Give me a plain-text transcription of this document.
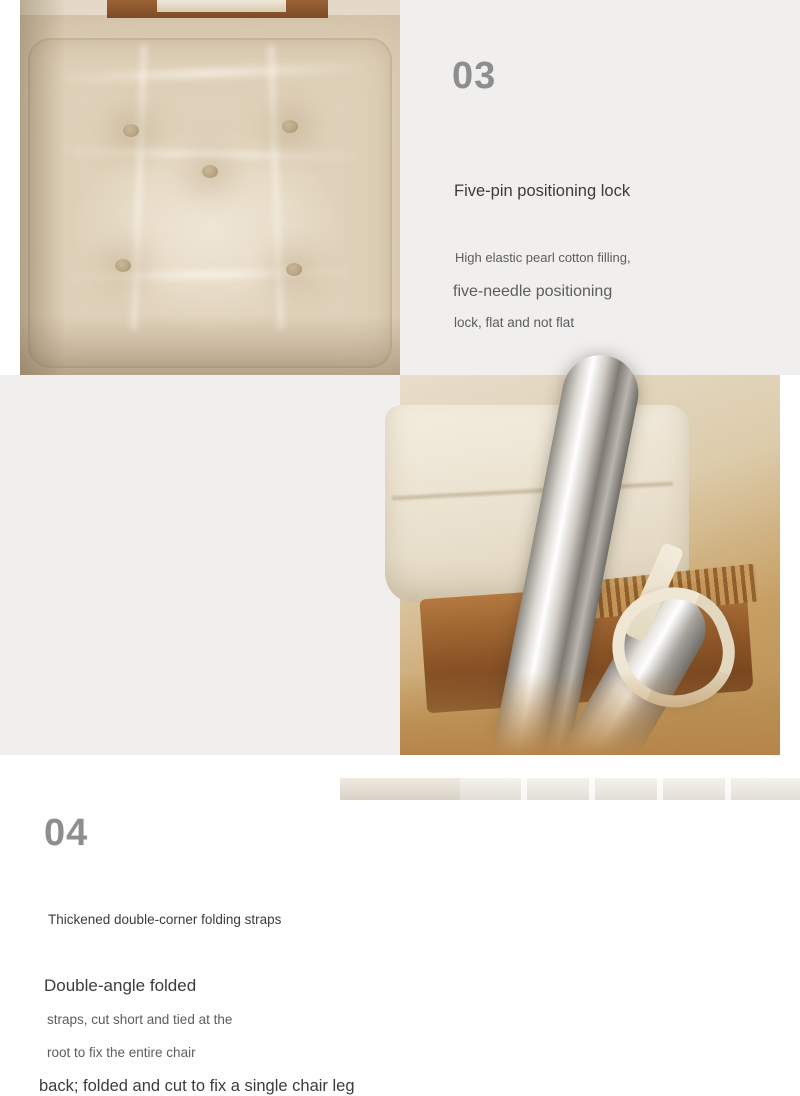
03
Five-pin positioning lock
High elastic pearl cotton filling,
five-needle positioning
lock, flat and not flat
04
Thickened double-corner folding straps
Double-angle folded
straps, cut short and tied at the
root to fix the entire chair
back; folded and cut to fix a single chair leg
